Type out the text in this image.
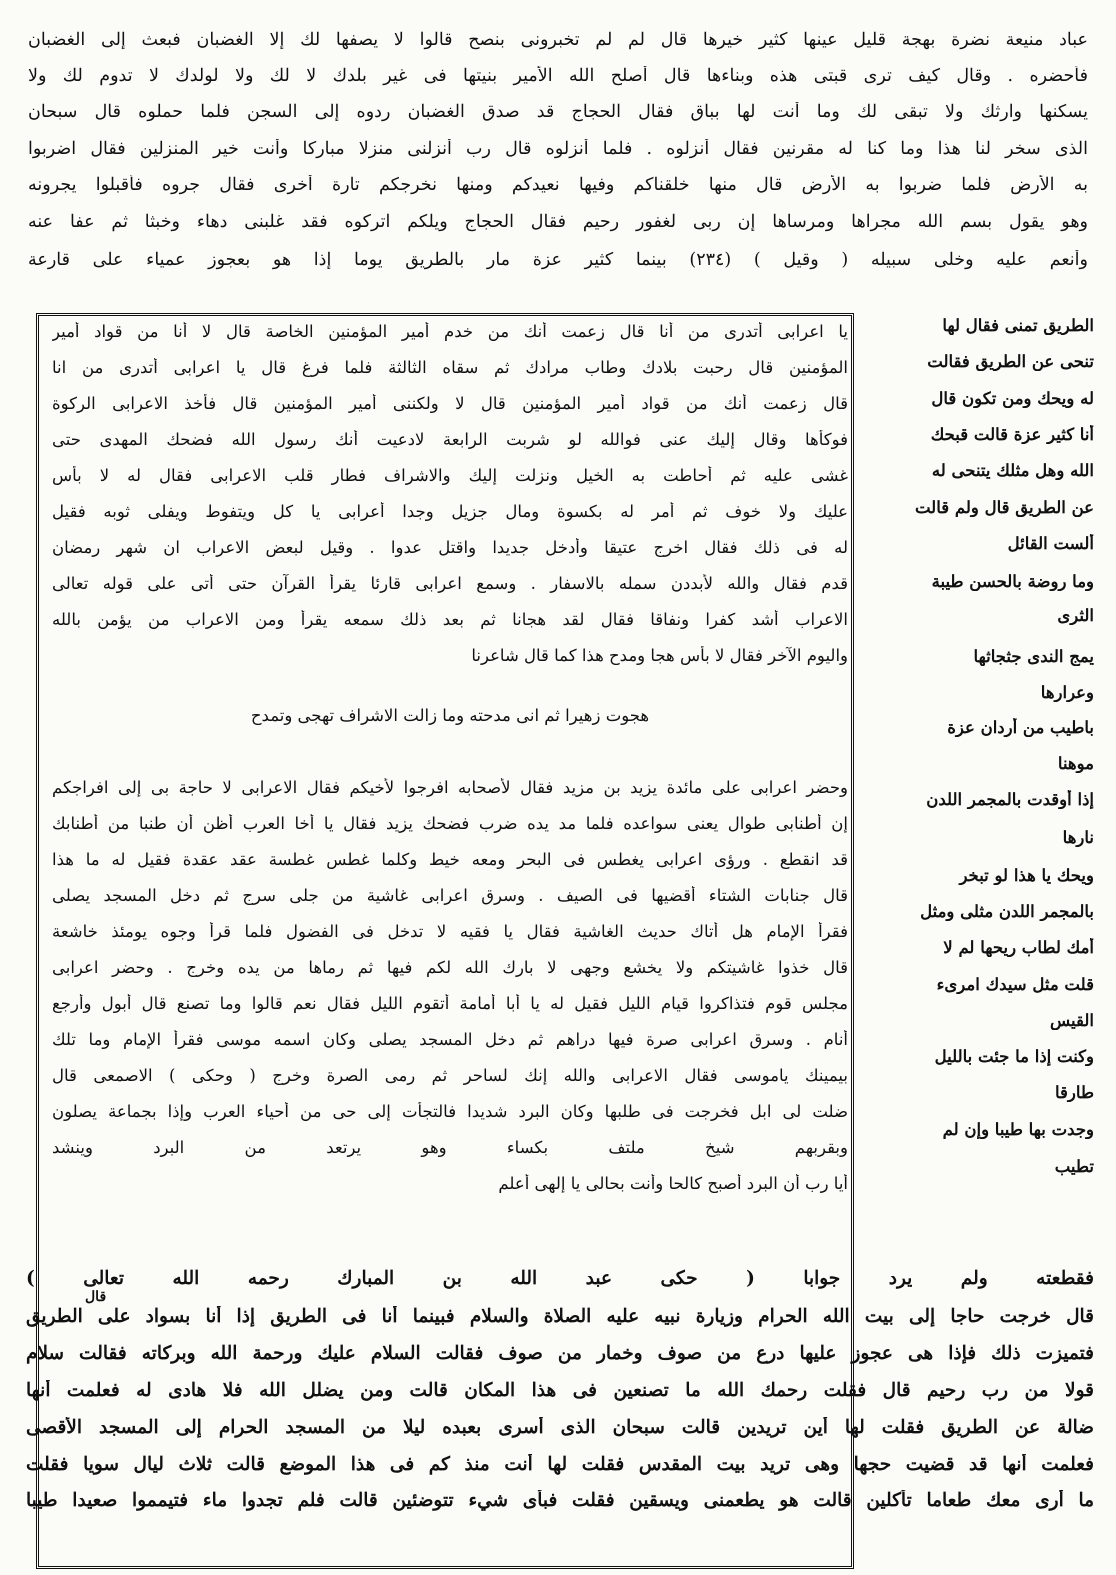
عباد منيعة نضرة بهجة قليل عينها كثير خيرها قال لم لم تخبرونى بنصح قالوا لا يصفها لك إلا الغضبان فبعث إلى الغضبان
فأحضره . وقال كيف ترى قبتى هذه وبناءها قال أصلح الله الأمير بنيتها فى غير بلدك لا لك ولا لولدك لا تدوم لك ولا
يسكنها وارثك ولا تبقى لك وما أنت لها بباق فقال الحجاج قد صدق الغضبان ردوه إلى السجن فلما حملوه قال سبحان
الذى سخر لنا هذا وما كنا له مقرنين فقال أنزلوه . فلما أنزلوه قال رب أنزلنى منزلا مباركا وأنت خير المنزلين فقال اضربوا
به الأرض فلما ضربوا به الأرض قال منها خلقناكم وفيها نعيدكم ومنها نخرجكم تارة أخرى فقال جروه فأقبلوا يجرونه
وهو يقول بسم الله مجراها ومرساها إن ربى لغفور رحيم فقال الحجاج ويلكم اتركوه فقد غلبنى دهاء وخبثا ثم عفا عنه
وأنعم عليه وخلى سبيله ( وقيل ) (٢٣٤) بينما كثير عزة مار بالطريق يوما إذا هو بعجوز عمياء على قارعة
يا اعرابى أتدرى من أنا قال زعمت أنك من خدم أمير المؤمنين الخاصة قال لا أنا من قواد أمير
المؤمنين قال رحبت بلادك وطاب مرادك ثم سقاه الثالثة فلما فرغ قال يا اعرابى أتدرى من انا
قال زعمت أنك من قواد أمير المؤمنين قال لا ولكننى أمير المؤمنين قال فأخذ الاعرابى الركوة
فوكأها وقال إليك عنى فوالله لو شربت الرابعة لادعيت أنك رسول الله فضحك المهدى حتى
غشى عليه ثم أحاطت به الخيل ونزلت إليك والاشراف فطار قلب الاعرابى فقال له لا بأس
عليك ولا خوف ثم أمر له بكسوة ومال جزيل وجدا أعرابى يا كل ويتفوط ويفلى ثوبه فقيل
له فى ذلك فقال اخرج عتيقا وأدخل جديدا واقتل عدوا . وقيل لبعض الاعراب ان شهر رمضان
قدم فقال والله لأبددن سمله بالاسفار . وسمع اعرابى قارئا يقرأ القرآن حتى أتى على قوله تعالى
الاعراب أشد كفرا ونفاقا فقال لقد هجانا ثم بعد ذلك سمعه يقرأ ومن الاعراب من يؤمن بالله
واليوم الآخر فقال لا بأس هجا ومدح هذا كما قال شاعرنا
هجوت زهيرا ثم انى مدحته وما زالت الاشراف تهجى وتمدح
وحضر اعرابى على مائدة يزيد بن مزيد فقال لأصحابه افرجوا لأخيكم فقال الاعرابى لا حاجة بى إلى افراجكم
إن أطنابى طوال يعنى سواعده فلما مد يده ضرب فضحك يزيد فقال يا أخا العرب أظن أن طنبا من أطنابك
قد انقطع . ورؤى اعرابى يغطس فى البحر ومعه خيط وكلما غطس غطسة عقد عقدة فقيل له ما هذا
قال جنابات الشتاء أقضيها فى الصيف . وسرق اعرابى غاشية من جلى سرج ثم دخل المسجد يصلى
فقرأ الإمام هل أتاك حديث الغاشية فقال يا فقيه لا تدخل فى الفضول فلما قرأ وجوه يومئذ خاشعة
قال خذوا غاشيتكم ولا يخشع وجهى لا بارك الله لكم فيها ثم رماها من يده وخرج . وحضر اعرابى
مجلس قوم فتذاكروا قيام الليل فقيل له يا أبا أمامة أتقوم الليل فقال نعم قالوا وما تصنع قال أبول وأرجع
أنام . وسرق اعرابى صرة فيها دراهم ثم دخل المسجد يصلى وكان اسمه موسى فقرأ الإمام وما تلك
بيمينك ياموسى فقال الاعرابى والله إنك لساحر ثم رمى الصرة وخرج ( وحكى ) الاصمعى قال
ضلت لى ابل فخرجت فى طلبها وكان البرد شديدا فالتجأت إلى حى من أحياء العرب وإذا بجماعة يصلون
وبقربهم شيخ ملتف بكساء وهو يرتعد من البرد وينشد
أيا رب أن البرد أصبح كالحا وأنت بحالى يا إلهى أعلم
الطريق تمنى فقال لها
تنحى عن الطريق فقالت
له ويحك ومن تكون قال
أنا كثير عزة قالت قبحك
الله وهل مثلك يتنحى له
عن الطريق قال ولم قالت
ألست القائل
وما روضة بالحسن طيبة
الثرى
يمج الندى جثجاثها
وعرارها
باطيب من أردان عزة
موهنا
إذا أوقدت بالمجمر اللدن
نارها
ويحك يا هذا لو تبخر
بالمجمر اللدن مثلى ومثل
أمك لطاب ريحها لم لا
قلت مثل سيدك امرىء
القيس
وكنت إذا ما جئت بالليل
طارقا
وجدت بها طيبا وإن لم
تطيب
قال
فقطعته ولم يرد جوابا ( حكى عبد الله بن المبارك رحمه الله تعالى )
قال خرجت حاجا إلى بيت الله الحرام وزيارة نبيه عليه الصلاة والسلام فبينما أنا فى الطريق إذا أنا بسواد على الطريق
فتميزت ذلك فإذا هى عجوز عليها درع من صوف وخمار من صوف فقالت السلام عليك ورحمة الله وبركاته فقالت سلام
قولا من رب رحيم قال فقلت رحمك الله ما تصنعين فى هذا المكان قالت ومن يضلل الله فلا هادى له فعلمت أنها
ضالة عن الطريق فقلت لها أين تريدين قالت سبحان الذى أسرى بعبده ليلا من المسجد الحرام إلى المسجد الأقصى
فعلمت أنها قد قضيت حجها وهى تريد بيت المقدس فقلت لها أنت منذ كم فى هذا الموضع قالت ثلاث ليال سويا فقلت
ما أرى معك طعاما تأكلين قالت هو يطعمنى ويسقين فقلت فبأى شيء تتوضئين قالت فلم تجدوا ماء فتيمموا صعيدا طيبا
